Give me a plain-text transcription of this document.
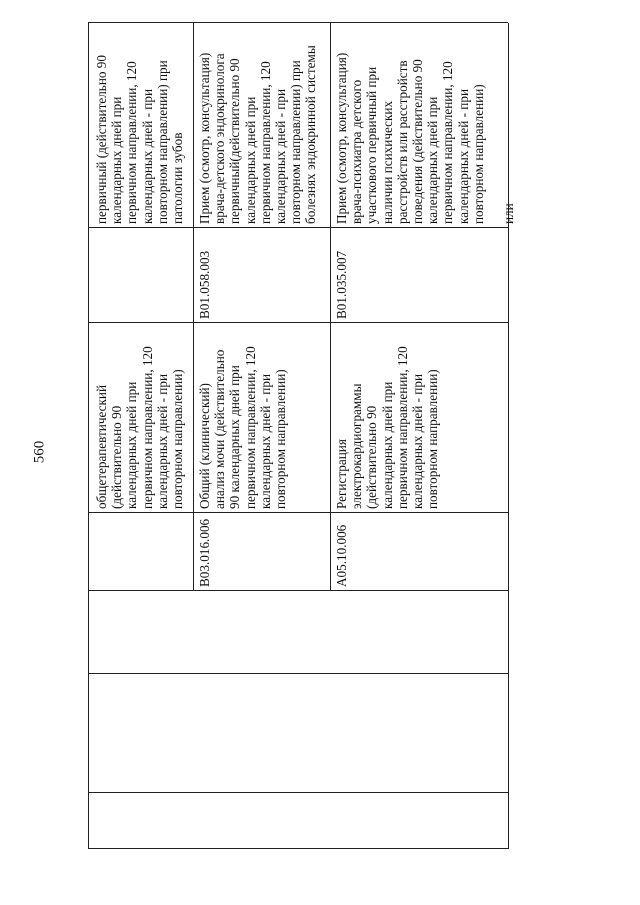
560	общетерапевтический
(действительно 90
календарных дней при
первичном направлении, 120
календарных дней - при
повторном направлении)
первичный (действительно 90
календарных дней при
первичном направлении, 120
календарных дней - при
повторном направлении) при
патологии зубов
B03.016.006
Общий (клинический)
анализ мочи (действительно
90 календарных дней при
первичном направлении, 120
календарных дней - при
повторном направлении)
B01.058.003
Прием (осмотр, консультация)
врача-детского эндокринолога
первичный(действительно 90
календарных дней при
первичном направлении, 120
календарных дней - при
повторном направлении) при
болезнях эндокринной системы
A05.10.006
Регистрация
электрокардиограммы
(действительно 90
календарных дней при
первичном направлении, 120
календарных дней - при
повторном направлении)
B01.035.007
Прием (осмотр, консультация)
врача-психиатра детского
участкового первичный при
наличии психических
расстройств или расстройств
поведения (действительно 90
календарных дней при
первичном направлении, 120
календарных дней - при
повторном направлении)

или
